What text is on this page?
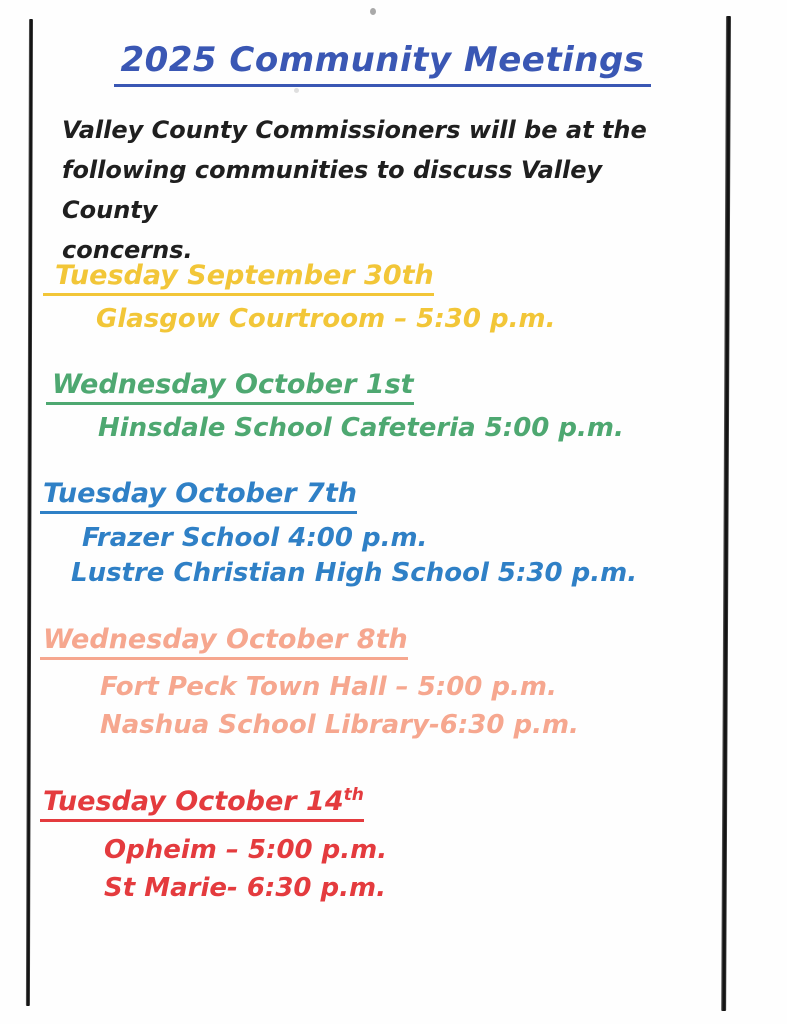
2025 Community Meetings
Valley County Commissioners will be at the
following communities to discuss Valley County
concerns.
Tuesday September 30th
Glasgow Courtroom – 5:30 p.m.
Wednesday October 1st
Hinsdale School Cafeteria 5:00 p.m.
Tuesday October 7th
Frazer School 4:00 p.m.
Lustre Christian High School 5:30 p.m.
Wednesday October 8th
Fort Peck Town Hall – 5:00 p.m.
Nashua School Library-6:30 p.m.
Tuesday October 14th
Opheim – 5:00 p.m.
St Marie- 6:30 p.m.
